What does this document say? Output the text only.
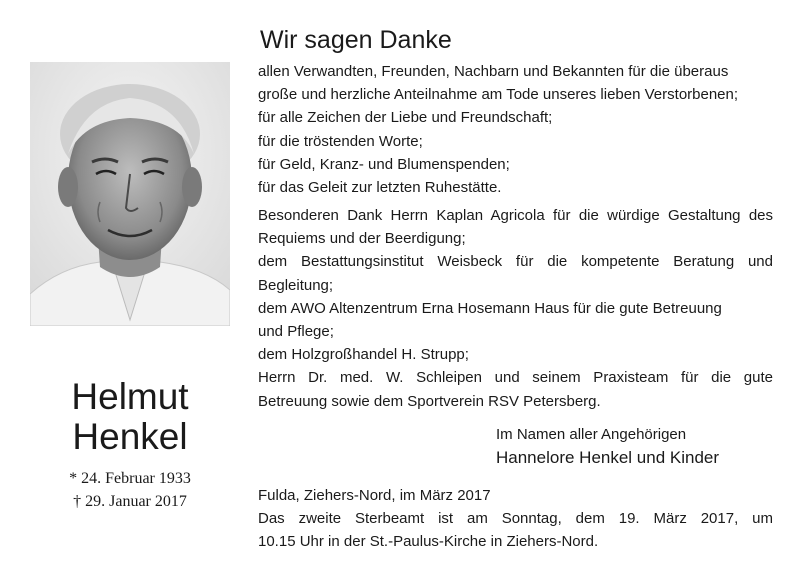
Helmut
Henkel
* 24. Februar 1933
† 29. Januar 2017
Wir sagen Danke
allen Verwandten, Freunden, Nachbarn und Bekannten für die überaus
große und herzliche Anteilnahme am Tode unseres lieben Verstorbenen;
für alle Zeichen der Liebe und Freundschaft;
für die tröstenden Worte;
für Geld, Kranz- und Blumenspenden;
für das Geleit zur letzten Ruhestätte.
Besonderen Dank Herrn Kaplan Agricola für die würdige Gestaltung des
Requiems und der Beerdigung;
dem Bestattungsinstitut Weisbeck für die kompetente Beratung und
Begleitung;
dem AWO Altenzentrum Erna Hosemann Haus für die gute Betreuung
und Pflege;
dem Holzgroßhandel H. Strupp;
Herrn Dr. med. W. Schleipen und seinem Praxisteam für die gute
Betreuung sowie dem Sportverein RSV Petersberg.
Im Namen aller Angehörigen
Hannelore Henkel und Kinder
Fulda, Ziehers-Nord, im März 2017
Das zweite Sterbeamt ist am Sonntag, dem 19. März 2017, um
10.15 Uhr in der St.-Paulus-Kirche in Ziehers-Nord.
